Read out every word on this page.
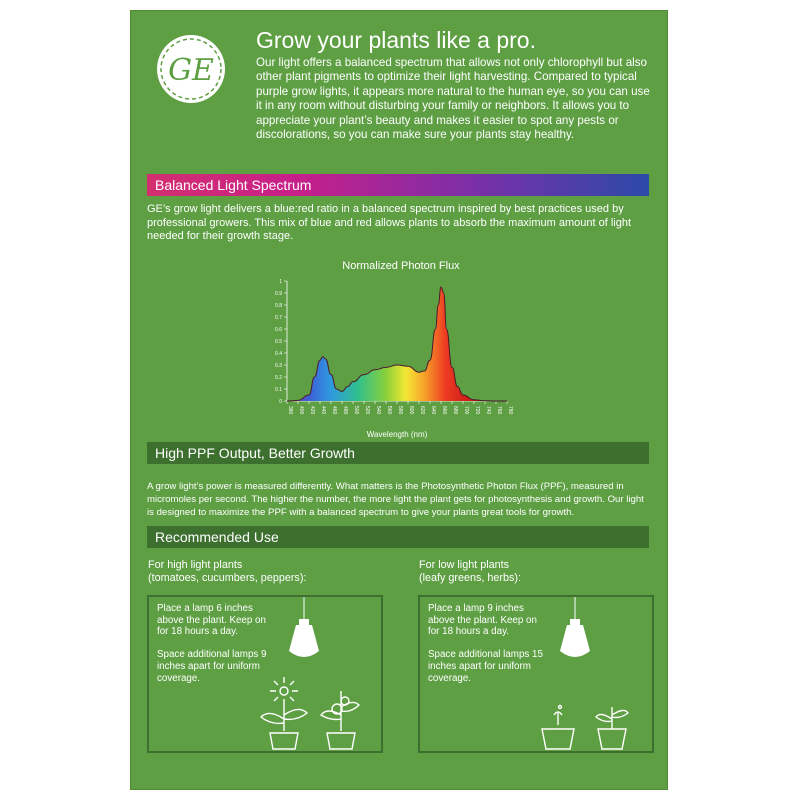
GE
Grow your plants like a pro.

Our light offers a balanced spectrum that allows not only chlorophyll but also other plant pigments to optimize their light harvesting. Compared to typical purple grow lights, it appears more natural to the human eye, so you can use it in any room without disturbing your family or neighbors. It allows you to appreciate your plant’s beauty and makes it easier to spot any pests or discolorations, so you can make sure your plants stay healthy.

Balanced Light Spectrum

GE’s grow light delivers a blue:red ratio in a balanced spectrum inspired by best practices used by professional growers. This mix of blue and red allows plants to absorb the maximum amount of light needed for their growth stage.

Normalized Photon Flux
0
0.1
0.2
0.3
0.4
0.5
0.6
0.7
0.8
0.9
1
380 400 420 440 460 480 500 520 540 560 580 600 620 640 660 680 700 720 740 760 780
Wavelength (nm)
High PPF Output, Better Growth

A grow light’s power is measured differently. What matters is the Photosynthetic Photon Flux (PPF), measured in micromoles per second. The higher the number, the more light the plant gets for photosynthesis and growth. Our light is designed to maximize the PPF with a balanced spectrum to give your plants great tools for growth.

Recommended Use

For high light plants
(tomatoes, cucumbers, peppers):

For low light plants
(leafy greens, herbs):

Place a lamp 6 inches above the plant. Keep on for 18 hours a day.

Space additional lamps 9 inches apart for uniform coverage.

Place a lamp 9 inches above the plant. Keep on for 18 hours a day.

Space additional lamps 15 inches apart for uniform coverage.
